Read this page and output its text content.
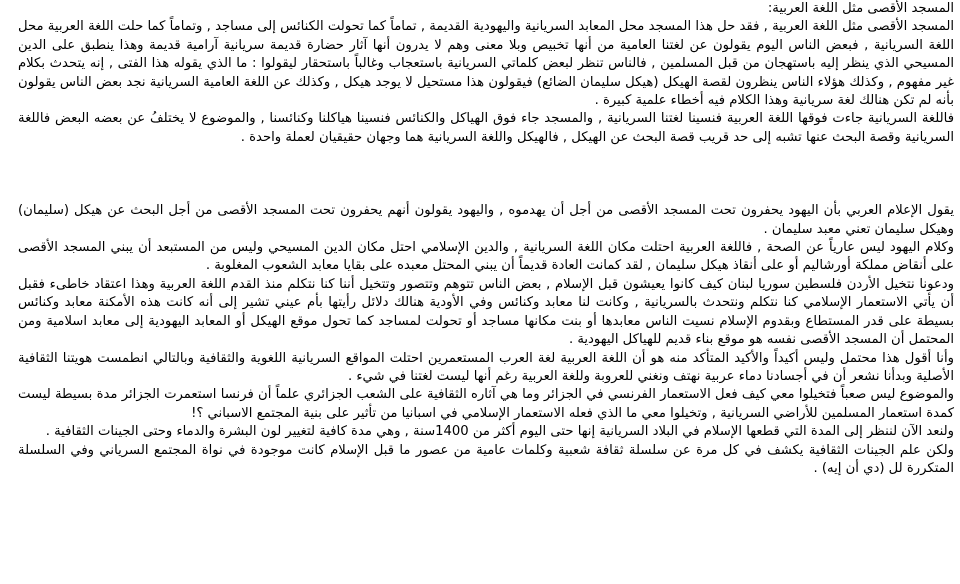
المسجد الأقصى مثل اللغة العربية:
المسجد الأقصى مثل اللغة العربية , فقد حل هذا المسجد محل المعابد السريانية واليهودية القديمة , تماماً كما تحولت الكنائس إلى مساجد , وتماماً كما حلت اللغة العربية محل اللغة السريانية , فبعض الناس اليوم يقولون عن لغتنا العامية من أنها تخبيص وبلا معنى وهم لا يدرون أنها آثار حضارة قديمة سريانية آرامية قديمة وهذا ينطبق على الدين المسيحي الذي ينظر إليه باستهجان من قبل المسلمين , فالناس تنظر لبعض كلماتي السريانية باستعجاب وغالباً باستحقار ليقولوا : ما الذي يقوله هذا الفتى , إنه يتحدث بكلام غير مفهوم , وكذلك هؤلاء الناس ينظرون لقصة الهيكل (هيكل سليمان الضائع) فيقولون هذا مستحيل لا يوجد هيكل , وكذلك عن اللغة العامية السريانية نجد بعض الناس يقولون بأنه لم تكن هنالك لغة سريانية وهذا الكلام فيه أخطاء علمية كبيرة .
فاللغة السريانية جاءت فوقها اللغة العربية فنسينا لغتنا السريانية , والمسجد جاء فوق الهياكل والكنائس فنسينا هياكلنا وكنائسنا , والموضوع لا يختلفُ عن بعضه البعض فاللغة السريانية وقصة البحث عنها تشبه إلى حد قريب قصة البحث عن الهيكل , فالهيكل واللغة السريانية هما وجهان حقيقيان لعملة واحدة .
يقول الإعلام العربي بأن اليهود يحفرون تحت المسجد الأقصى من أجل أن يهدموه , واليهود يقولون أنهم يحفرون تحت المسجد الأقصى من أجل البحث عن هيكل (سليمان) وهيكل سليمان تعني معبد سليمان .
وكلام اليهود ليس عارياً عن الصحة , فاللغة العربية احتلت مكان اللغة السريانية , والدين الإسلامي احتل مكان الدين المسيحي وليس من المستبعد أن يبني المسجد الأقصى على أنقاض مملكة أورشاليم أو على أنقاذ هيكل سليمان , لقد كمانت العادة قديماً أن يبني المحتل معبده على بقايا معابد الشعوب المغلوبة .
ودعونا نتخيل الأردن فلسطين سوريا لبنان كيف كانوا يعيشون قبل الإسلام , بعض الناس تتوهم وتتصور وتتخيل أننا كنا نتكلم منذ القدم اللغة العربية وهذا اعتقاد خاطىء فقبل أن يأتي الاستعمار الإسلامي كنا نتكلم ونتحدث بالسريانية , وكانت لنا معابد وكنائس وفي الأودية هنالك دلائل رأيتها بأم عيني تشير إلى أنه كانت هذه الأمكنة معابد وكنائس بسيطة على قدر المستطاع وبقدوم الإسلام نسيت الناس معابدها أو بنت مكانها مساجد أو تحولت لمساجد كما تحول موقع الهيكل أو المعابد اليهودية إلى معابد اسلامية ومن المحتمل أن المسجد الأقصى نفسه هو موقع بناء قديم للهياكل اليهودية .
وأنا أقول هذا محتمل وليس أكيداً والأكيد المتأكد منه هو أن اللغة العربية لغة العرب المستعمرين احتلت المواقع السريانية اللغوية والثقافية وبالتالي انطمست هويتنا الثقافية الأصلية وبدأنا نشعر أن في أجسادنا دماء عربية نهتف ونغني للعروبة وللغة العربية رغم أنها ليست لغتنا في شيء .
والموضوع ليس صعباً فتخيلوا معي كيف فعل الاستعمار الفرنسي في الجزائر وما هي آثاره الثقافية على الشعب الجزائري علماً أن فرنسا استعمرت الجزائر مدة بسيطة ليست كمدة استعمار المسلمين للأراضي السريانية , وتخيلوا معي ما الذي فعله الاستعمار الإسلامي في اسبانيا من تأثير على بنية المجتمع الاسباني ؟!
ولنعد الآن لننظر إلى المدة التي قطعها الإسلام في البلاد السريانية إنها حتى اليوم أكثر من 1400سنة , وهي مدة كافية لتغيير لون البشرة والدماء وحتى الجينات الثقافية .
ولكن علم الجينات الثقافية يكشف في كل مرة عن سلسلة ثقافة شعبية وكلمات عامية من عصور ما قبل الإسلام كانت موجودة في نواة المجتمع السرياني وفي السلسلة المتكررة لل (دي أن إيه) .
